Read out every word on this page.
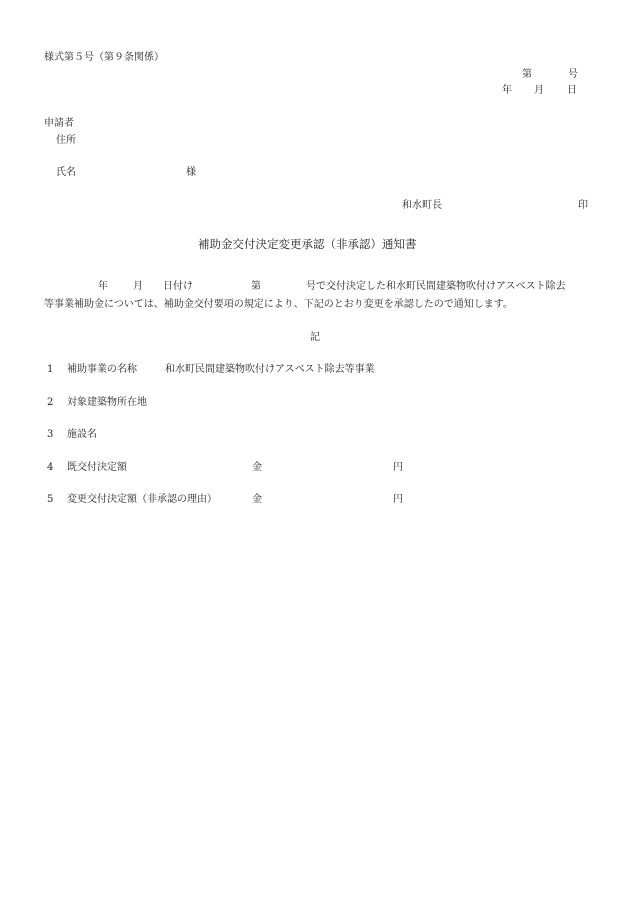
様式第５号（第９条関係）
第	号
年 月 日
申請者
住所
氏名	様
和水町長	印
補助金交付決定変更承認（非承認）通知書
年	月 日付け	第	号で交付決定した和水町民間建築物吹付けアスベスト除去
等事業補助金については、補助金交付要項の規定により、下記のとおり変更を承認したので通知します。
記
1 補助事業の名称	和水町民間建築物吹付けアスベスト除去等事業
2 対象建築物所在地
3 施設名
4 既交付決定額	金	円
5 変更交付決定額（非承認の理由）	金	円
